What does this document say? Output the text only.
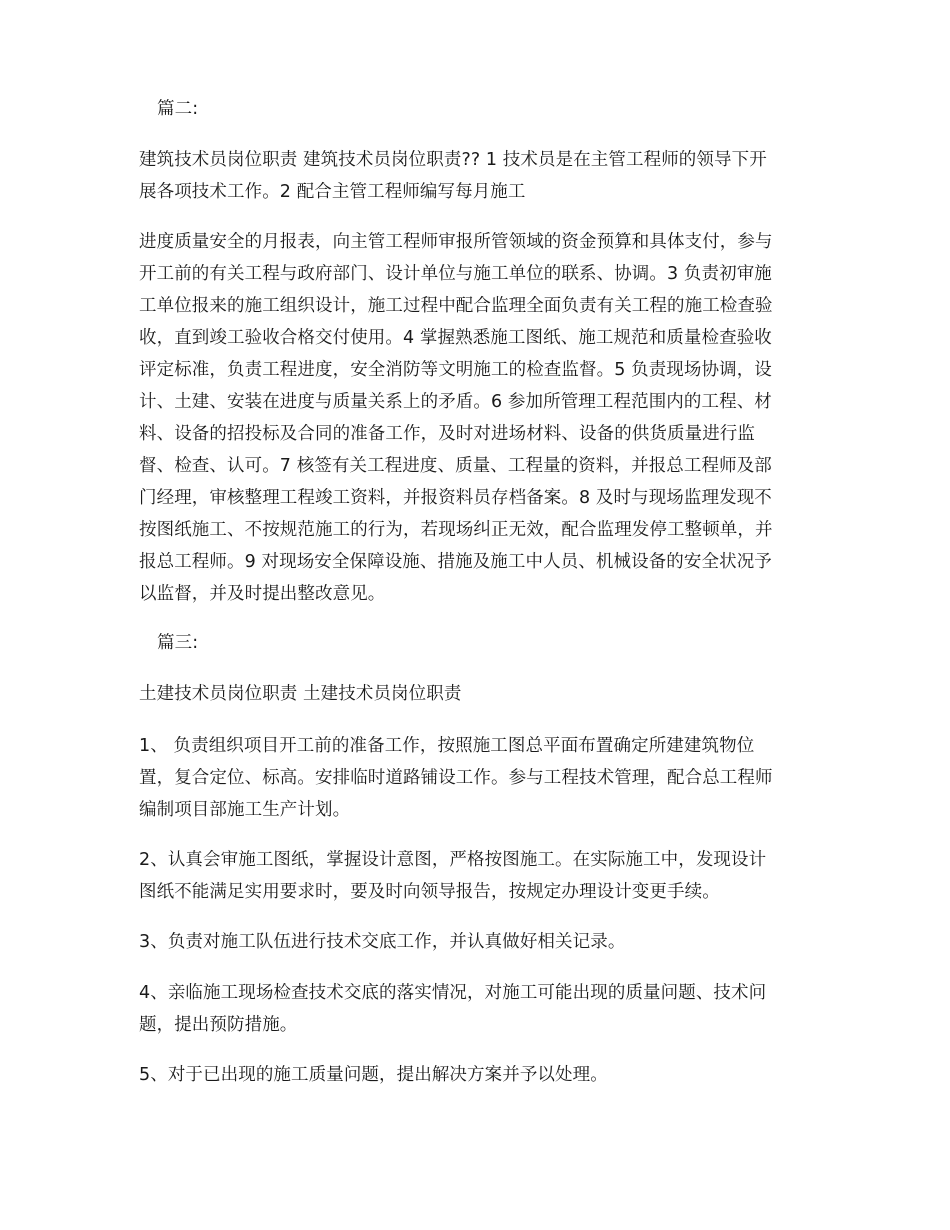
篇二:

建筑技术员岗位职责 建筑技术员岗位职责?? 1 技术员是在主管工程师的领导下开
展各项技术工作。2 配合主管工程师编写每月施工
进度质量安全的月报表，向主管工程师审报所管领域的资金预算和具体支付，参与
开工前的有关工程与政府部门、设计单位与施工单位的联系、协调。3 负责初审施
工单位报来的施工组织设计，施工过程中配合监理全面负责有关工程的施工检查验
收，直到竣工验收合格交付使用。4 掌握熟悉施工图纸、施工规范和质量检查验收
评定标准，负责工程进度，安全消防等文明施工的检查监督。5 负责现场协调，设
计、土建、安装在进度与质量关系上的矛盾。6 参加所管理工程范围内的工程、材
料、设备的招投标及合同的准备工作，及时对进场材料、设备的供货质量进行监
督、检查、认可。7 核签有关工程进度、质量、工程量的资料，并报总工程师及部
门经理，审核整理工程竣工资料，并报资料员存档备案。8 及时与现场监理发现不
按图纸施工、不按规范施工的行为，若现场纠正无效，配合监理发停工整顿单，并
报总工程师。9 对现场安全保障设施、措施及施工中人员、机械设备的安全状况予
以监督，并及时提出整改意见。

篇三:

土建技术员岗位职责 土建技术员岗位职责

1、 负责组织项目开工前的准备工作，按照施工图总平面布置确定所建建筑物位
置，复合定位、标高。安排临时道路铺设工作。参与工程技术管理，配合总工程师
编制项目部施工生产计划。
2、认真会审施工图纸，掌握设计意图，严格按图施工。在实际施工中，发现设计
图纸不能满足实用要求时，要及时向领导报告，按规定办理设计变更手续。
3、负责对施工队伍进行技术交底工作，并认真做好相关记录。
4、亲临施工现场检查技术交底的落实情况，对施工可能出现的质量问题、技术问
题，提出预防措施。
5、对于已出现的施工质量问题，提出解决方案并予以处理。
